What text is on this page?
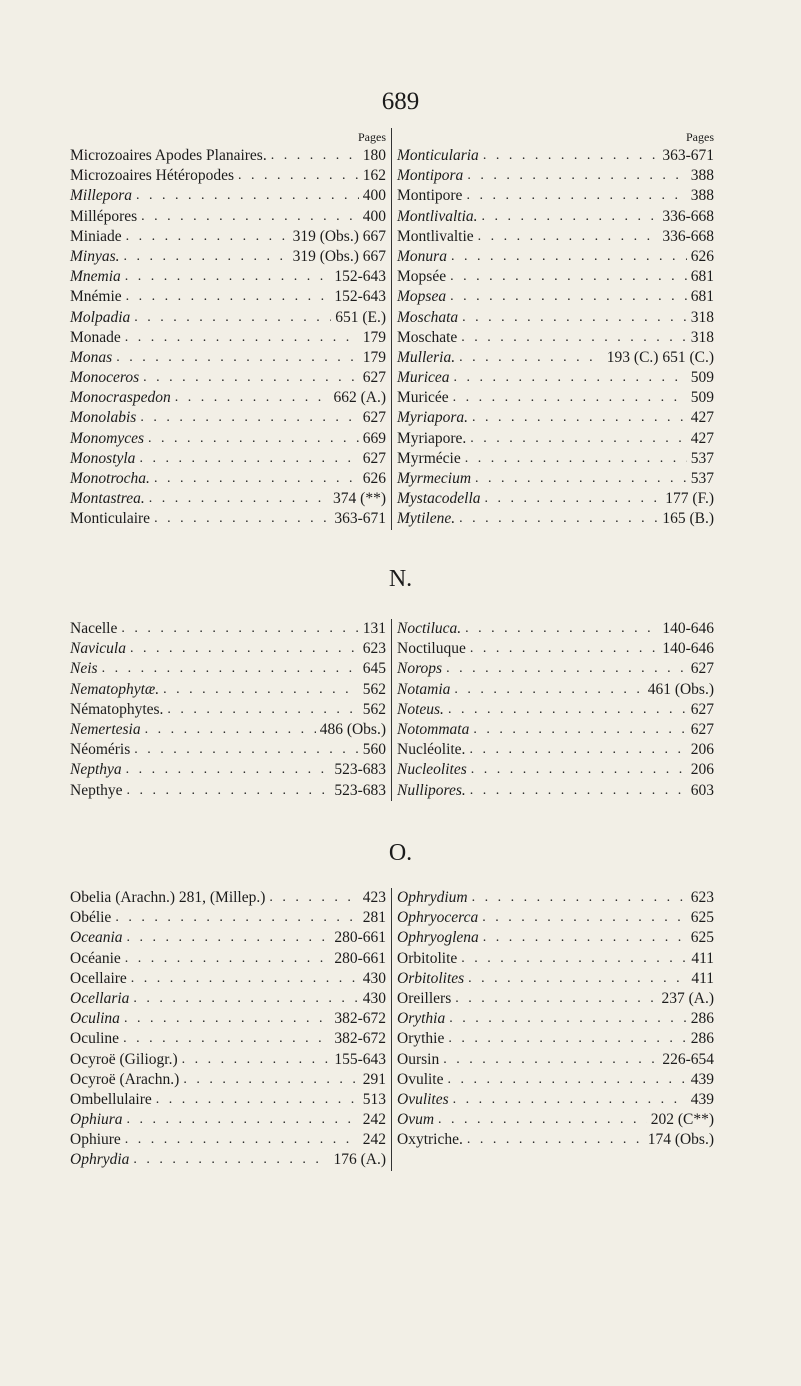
689
Pages
Microzoaires Apodes Planaires. . . .	180
Microzoaires Hétéropodes . . .	162
Millepora . . .	400
Millépores . . .	400
Miniade . . .	319 (Obs.) 667
Minyas. . . .	319 (Obs.) 667
Mnemia . . .	152-643
Mnémie . . .	152-643
Molpadia . . .	651 (E.)
Monade . . .	179
Monas . . .	179
Monoceros . . .	627
Monocraspedon . . .	662 (A.)
Monolabis . . .	627
Monomyces . . .	669
Monostyla . . .	627
Monotrocha. . . .	626
Montastrea. . . .	374 (**)
Monticulaire . . .	363-671
Pages
Monticularia . . .	363-671
Montipora . . .	388
Montipore . . .	388
Montlivaltia. . . .	336-668
Montlivaltie . . .	336-668
Monura . . .	626
Mopsée . . .	681
Mopsea . . .	681
Moschata . . .	318
Moschate . . .	318
Mulleria. . . .	193 (C.) 651 (C.)
Muricea . . .	509
Muricée . . .	509
Myriapora. . . .	427
Myriapore. . . .	427
Myrmécie . . .	537
Myrmecium . . .	537
Mystacodella . . .	177 (F.)
Mytilene. . . .	165 (B.)
N.
Nacelle . . .	131
Navicula . . .	623
Neis . . .	645
Nematophytæ. . . .	562
Nématophytes. . . .	562
Nemertesia . . .	486 (Obs.)
Néoméris . . .	560
Nepthya . . .	523-683
Nepthye . . .	523-683
Noctiluca. . . .	140-646
Noctiluque . . .	140-646
Norops . . .	627
Notamia . . .	461 (Obs.)
Noteus. . . .	627
Notommata . . .	627
Nucléolite. . . .	206
Nucleolites . . .	206
Nullipores. . . .	603
O.
Obelia (Arachn.) 281, (Millep.) . . .	423
Obélie . . .	281
Oceania . . .	280-661
Océanie . . .	280-661
Ocellaire . . .	430
Ocellaria . . .	430
Oculina . . .	382-672
Oculine . . .	382-672
Ocyroë (Giliogr.) . . .	155-643
Ocyroë (Arachn.) . . .	291
Ombellulaire . . .	513
Ophiura . . .	242
Ophiure . . .	242
Ophrydia . . .	176 (A.)
Ophrydium . . .	623
Ophryocerca . . .	625
Ophryoglena . . .	625
Orbitolite . . .	411
Orbitolites . . .	411
Oreillers . . .	237 (A.)
Orythia . . .	286
Orythie . . .	286
Oursin . . .	226-654
Ovulite . . .	439
Ovulites . . .	439
Ovum . . .	202 (C**)
Oxytriche. . . .	174 (Obs.)
